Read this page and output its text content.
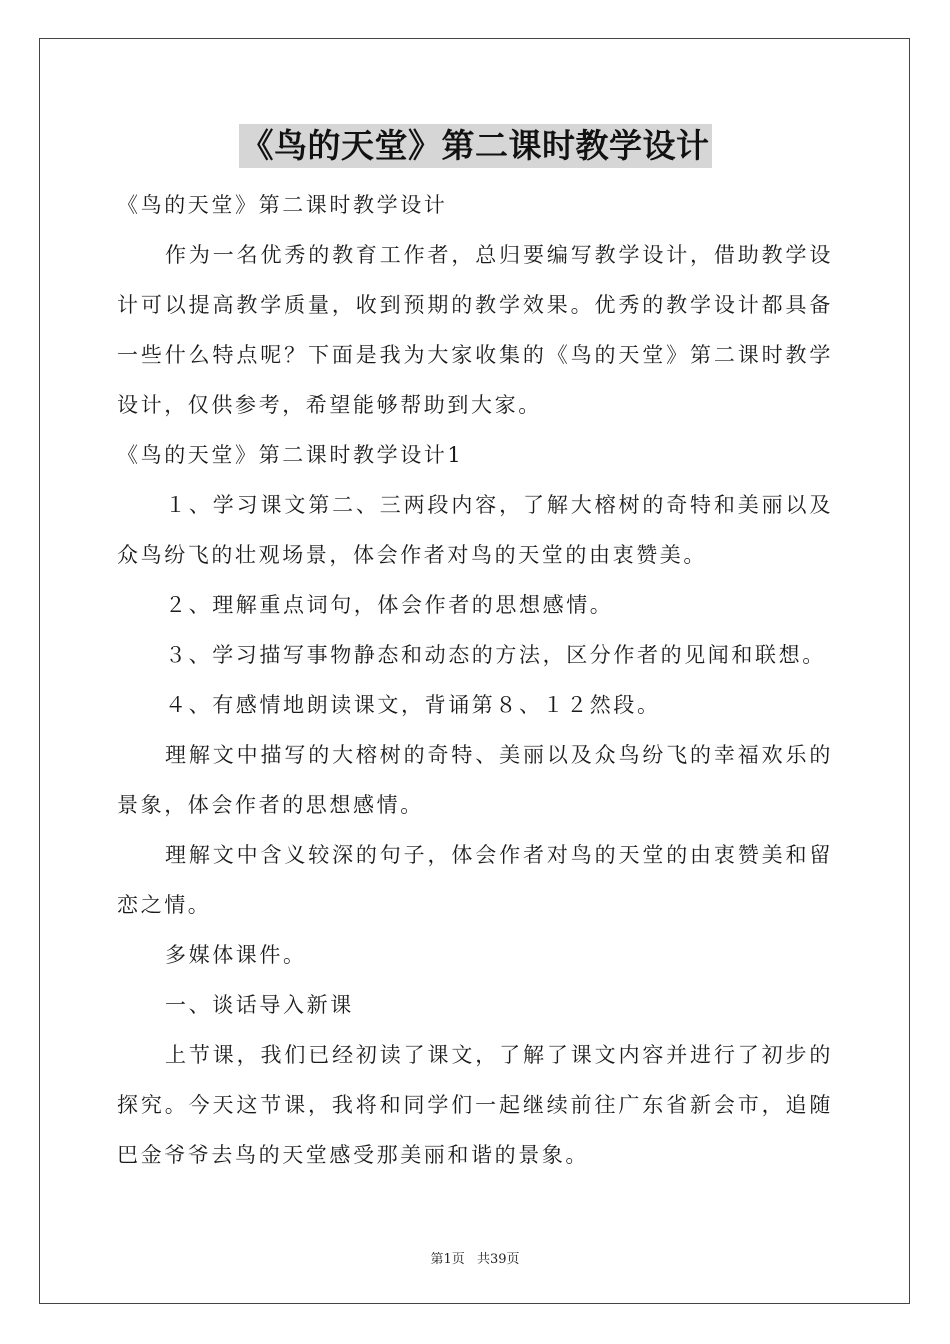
《鸟的天堂》第二课时教学设计

《鸟的天堂》第二课时教学设计

作为一名优秀的教育工作者，总归要编写教学设计，借助教学设计可以提高教学质量，收到预期的教学效果。优秀的教学设计都具备一些什么特点呢？下面是我为大家收集的《鸟的天堂》第二课时教学设计，仅供参考，希望能够帮助到大家。

《鸟的天堂》第二课时教学设计1

１、学习课文第二、三两段内容，了解大榕树的奇特和美丽以及众鸟纷飞的壮观场景，体会作者对鸟的天堂的由衷赞美。

２、理解重点词句，体会作者的思想感情。

３、学习描写事物静态和动态的方法，区分作者的见闻和联想。

４、有感情地朗读课文，背诵第８、１２然段。

理解文中描写的大榕树的奇特、美丽以及众鸟纷飞的幸福欢乐的景象，体会作者的思想感情。

理解文中含义较深的句子，体会作者对鸟的天堂的由衷赞美和留恋之情。

多媒体课件。

一、谈话导入新课

上节课，我们已经初读了课文，了解了课文内容并进行了初步的探究。今天这节课，我将和同学们一起继续前往广东省新会市，追随巴金爷爷去鸟的天堂感受那美丽和谐的景象。

第1页 共39页
